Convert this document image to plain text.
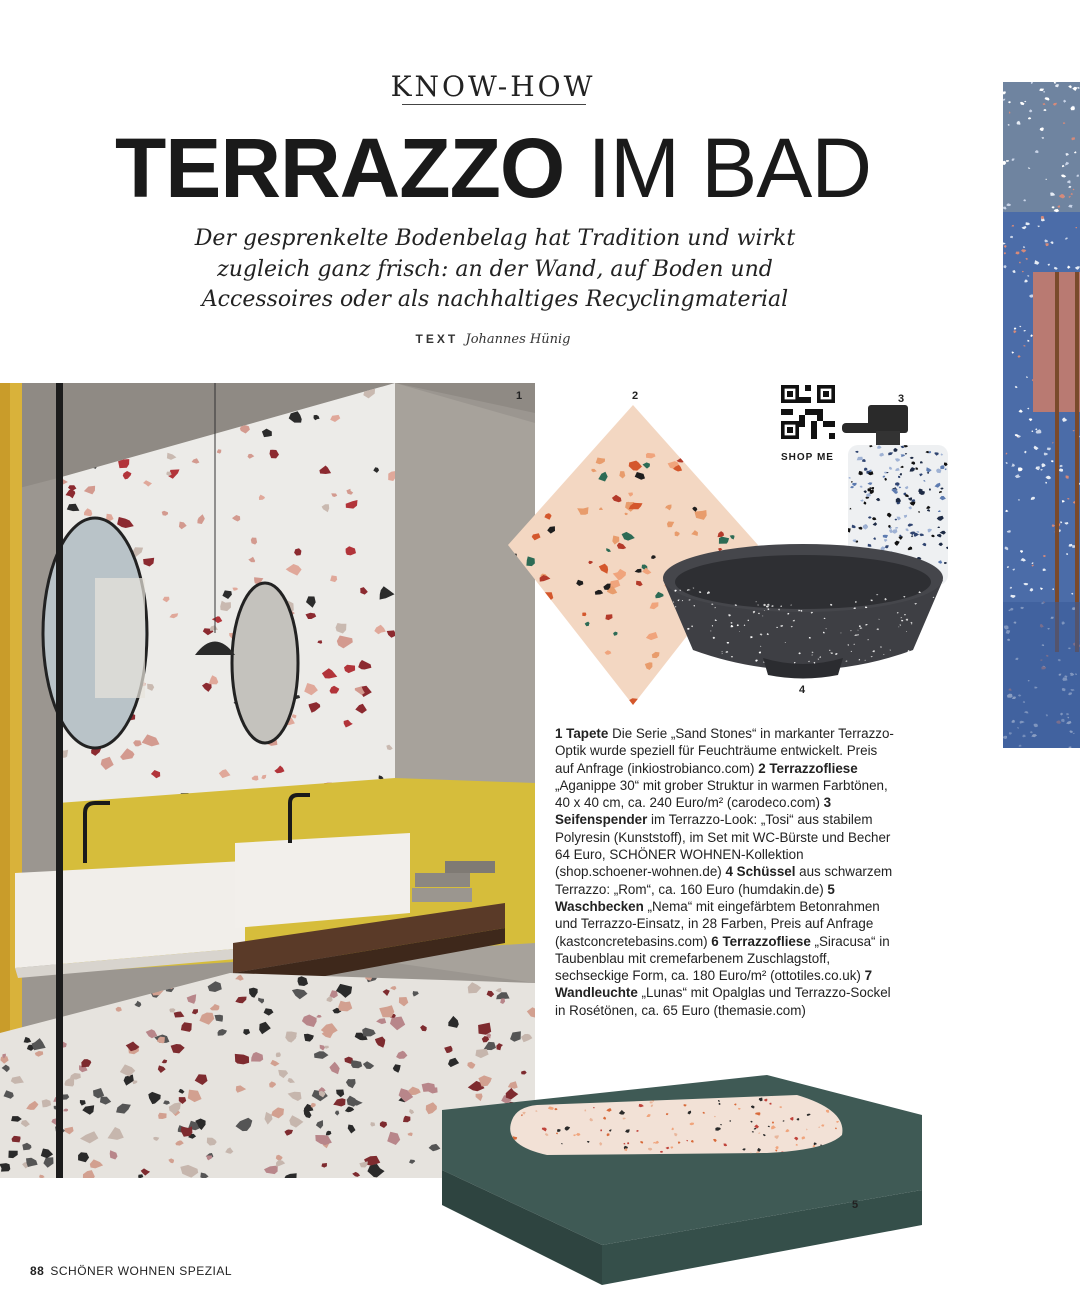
KNOW-HOW
TERRAZZO IM BAD
Der gesprenkelte Bodenbelag hat Tradition und wirkt
zugleich ganz frisch: an der Wand, auf Boden und
Accessoires oder als nachhaltiges Recyclingmaterial
TEXT Johannes Hünig
SHOP ME
1	2	3
4
5
1 Tapete Die Serie „Sand Stones“ in markanter Terrazzo-Optik wurde speziell für Feuchträume entwickelt. Preis auf Anfrage (inkiostrobianco.com) 2 Terrazzofliese „Aganippe 30“ mit grober Struktur in warmen Farbtönen, 40 x 40 cm, ca. 240 Euro/m² (carodeco.com) 3 Seifenspender im Terrazzo-Look: „Tosi“ aus stabilem Polyresin (Kunststoff), im Set mit WC-Bürste und Becher 64 Euro, SCHÖNER WOHNEN-Kollektion (shop.schoener-wohnen.de) 4 Schüssel aus schwarzem Terrazzo: „Rom“, ca. 160 Euro (humdakin.de) 5 Waschbecken „Nema“ mit eingefärbtem Betonrahmen und Terrazzo-Einsatz, in 28 Farben, Preis auf Anfrage (kastconcretebasins.com) 6 Terrazzofliese „Siracusa“ in Taubenblau mit cremefarbenem Zuschlagstoff, sechseckige Form, ca. 180 Euro/m² (ottotiles.co.uk) 7 Wandleuchte „Lunas“ mit Opalglas und Terrazzo-Sockel in Rosétönen, ca. 65 Euro (themasie.com)
88 SCHÖNER WOHNEN SPEZIAL
